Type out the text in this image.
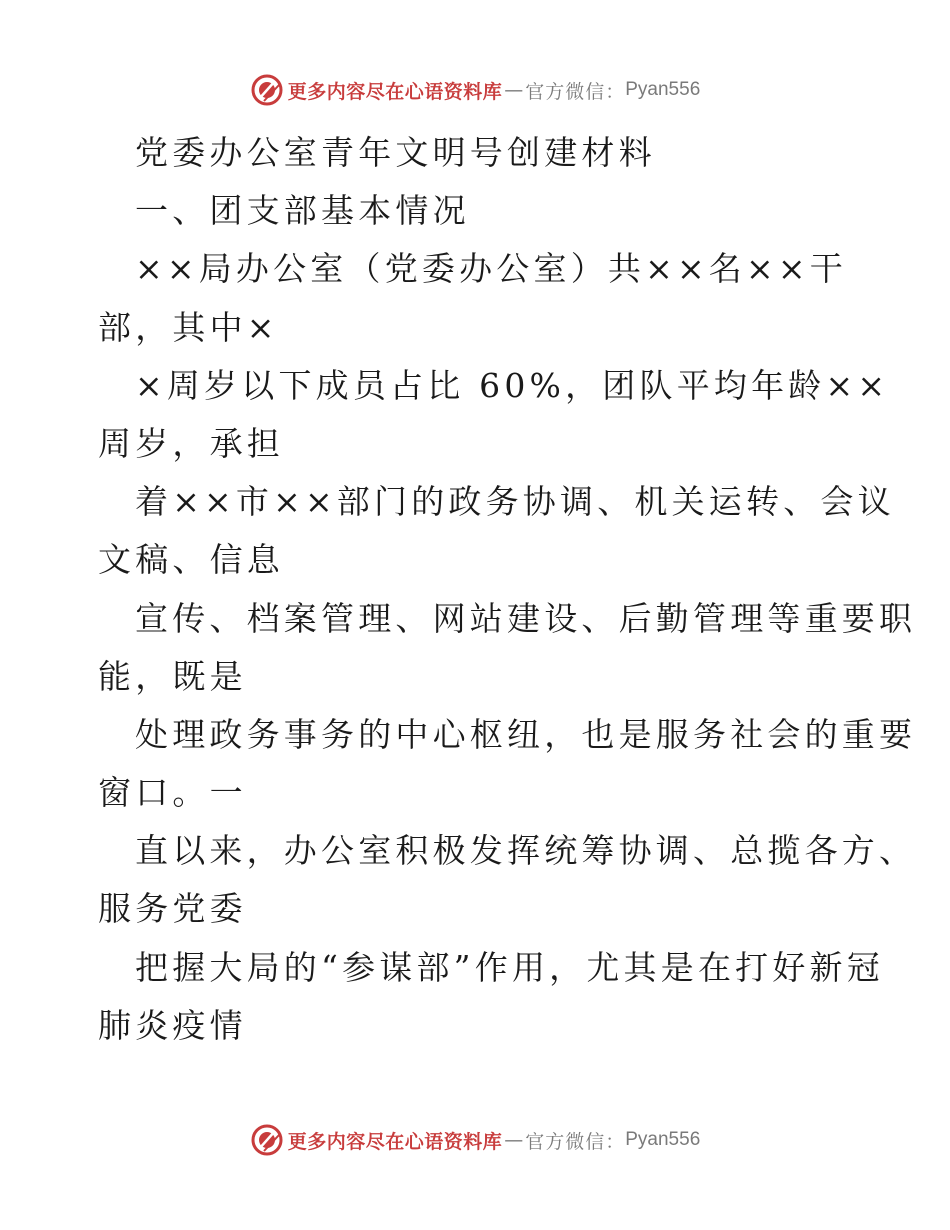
更多内容尽在心语资料库 — 官方微信： Pyan556
党委办公室青年文明号创建材料
一、团支部基本情况
××局办公室（党委办公室）共××名××干
部，其中×
×周岁以下成员占比 60%，团队平均年龄××
周岁，承担
着××市××部门的政务协调、机关运转、会议
文稿、信息
宣传、档案管理、网站建设、后勤管理等重要职
能，既是
处理政务事务的中心枢纽，也是服务社会的重要
窗口。一
直以来，办公室积极发挥统筹协调、总揽各方、
服务党委
把握大局的“参谋部”作用，尤其是在打好新冠
肺炎疫情
更多内容尽在心语资料库 — 官方微信： Pyan556
